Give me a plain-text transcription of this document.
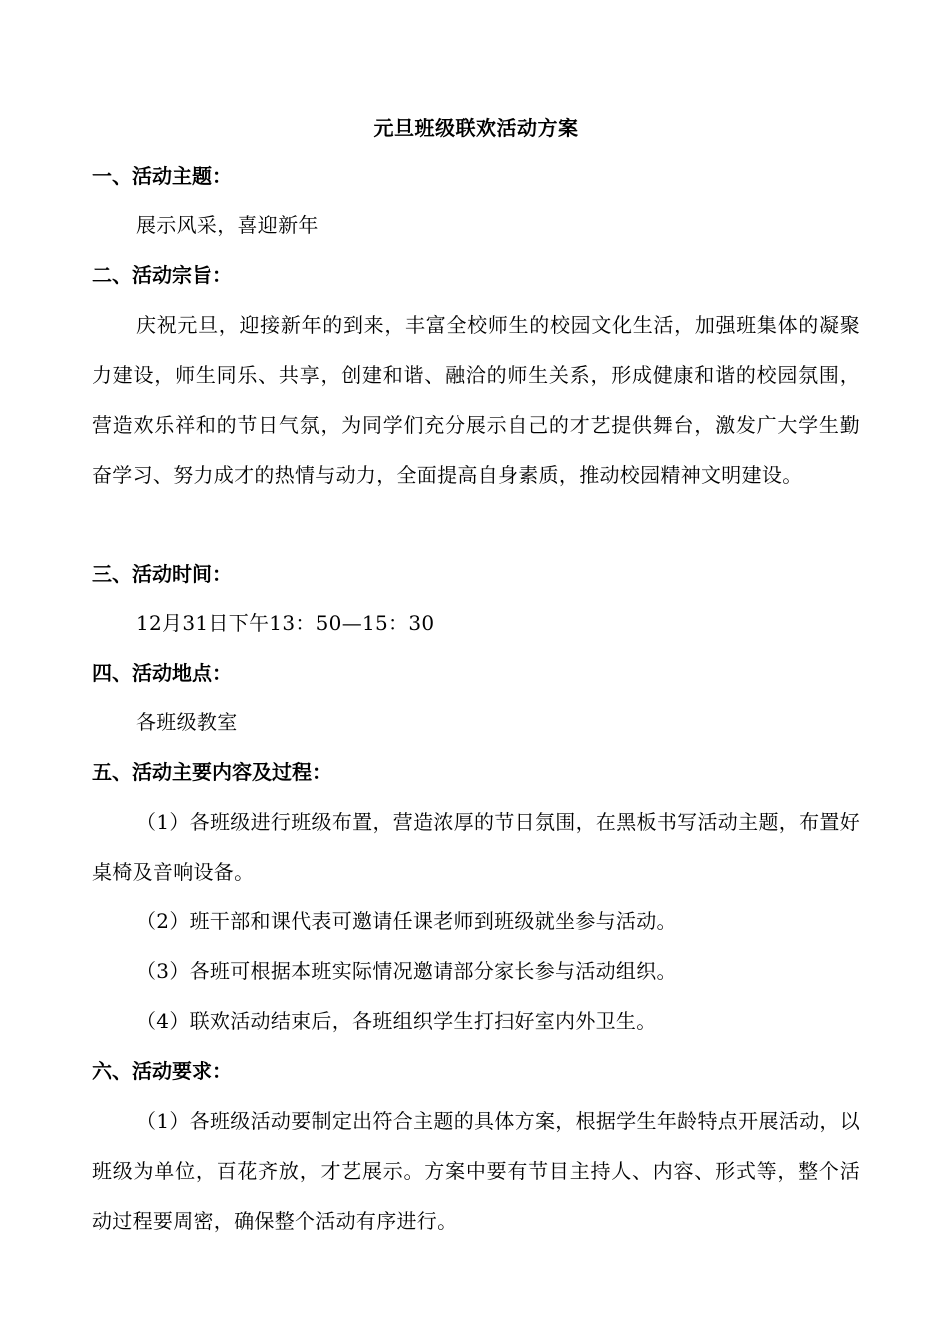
元旦班级联欢活动方案
一、活动主题：
展示风采，喜迎新年
二、活动宗旨：
庆祝元旦，迎接新年的到来，丰富全校师生的校园文化生活，加强班集体的凝聚力建设，师生同乐、共享，创建和谐、融洽的师生关系，形成健康和谐的校园氛围，营造欢乐祥和的节日气氛，为同学们充分展示自己的才艺提供舞台，激发广大学生勤奋学习、努力成才的热情与动力，全面提高自身素质，推动校园精神文明建设。
三、活动时间：
12月31日下午13：50—15：30
四、活动地点：
各班级教室
五、活动主要内容及过程：
（1）各班级进行班级布置，营造浓厚的节日氛围，在黑板书写活动主题，布置好桌椅及音响设备。
（2）班干部和课代表可邀请任课老师到班级就坐参与活动。
（3）各班可根据本班实际情况邀请部分家长参与活动组织。
（4）联欢活动结束后，各班组织学生打扫好室内外卫生。
六、活动要求：
（1）各班级活动要制定出符合主题的具体方案，根据学生年龄特点开展活动，以班级为单位，百花齐放，才艺展示。方案中要有节目主持人、内容、形式等，整个活动过程要周密，确保整个活动有序进行。
